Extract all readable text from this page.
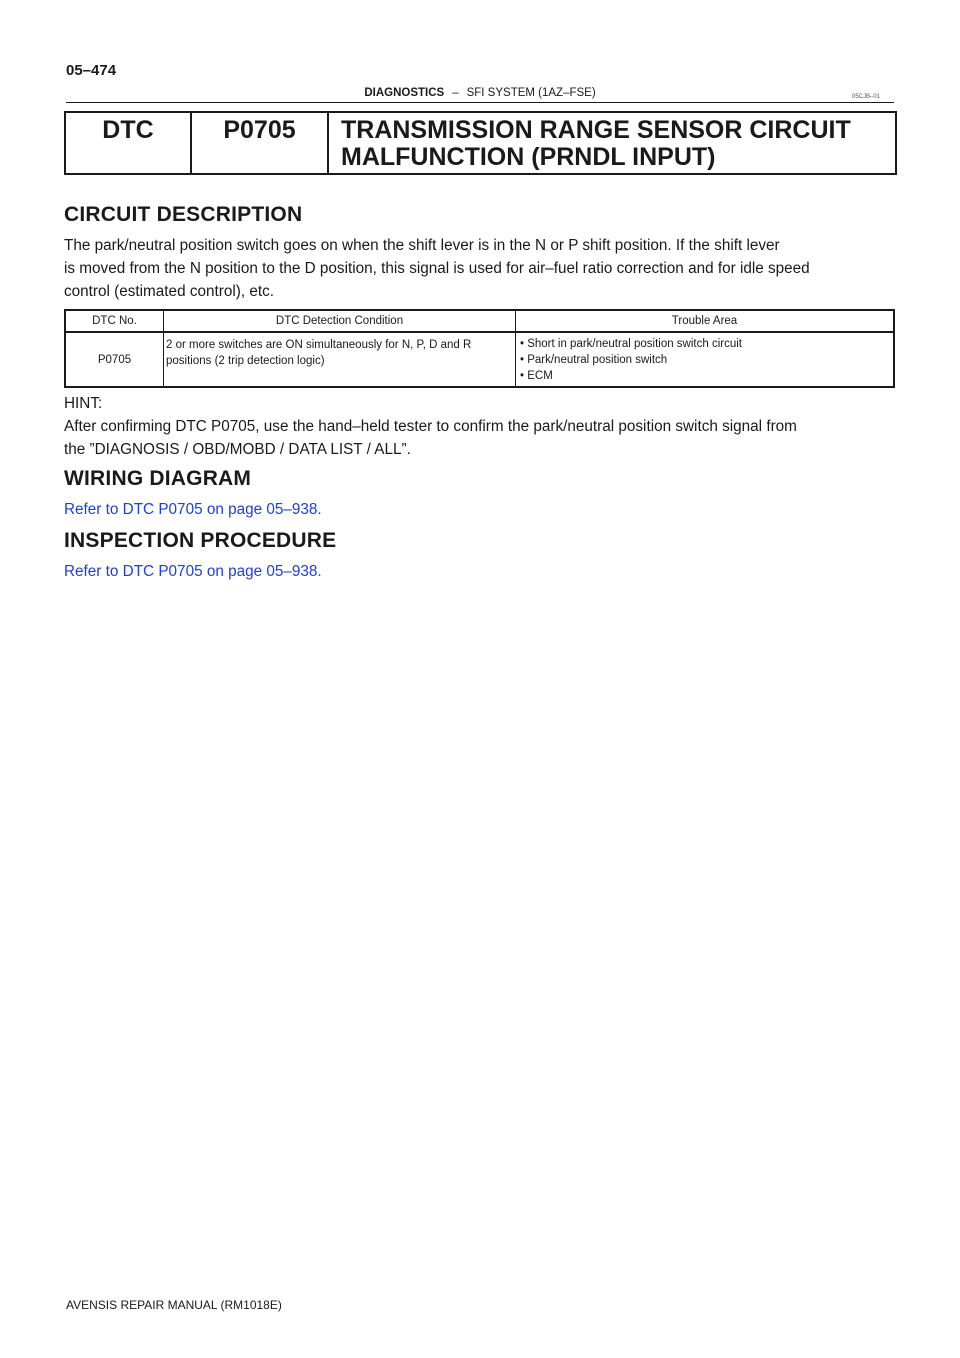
05–474
DIAGNOSTICS – SFI SYSTEM (1AZ–FSE)	05CJB–01
DTC	P0705	TRANSMISSION RANGE SENSOR CIRCUIT
MALFUNCTION (PRNDL INPUT)
CIRCUIT DESCRIPTION
The park/neutral position switch goes on when the shift lever is in the N or P shift position. If the shift lever
is moved from the N position to the D position, this signal is used for air–fuel ratio correction and for idle speed
control (estimated control), etc.
DTC No.	DTC Detection Condition	Trouble Area
P0705	2 or more switches are ON simultaneously for N, P, D and R
positions (2 trip detection logic)	• Short in park/neutral position switch circuit
• Park/neutral position switch
• ECM
HINT:
After confirming DTC P0705, use the hand–held tester to confirm the park/neutral position switch signal from
the ”DIAGNOSIS / OBD/MOBD / DATA LIST / ALL”.
WIRING DIAGRAM
Refer to DTC P0705 on page 05–938.
INSPECTION PROCEDURE
Refer to DTC P0705 on page 05–938.
AVENSIS REPAIR MANUAL (RM1018E)
